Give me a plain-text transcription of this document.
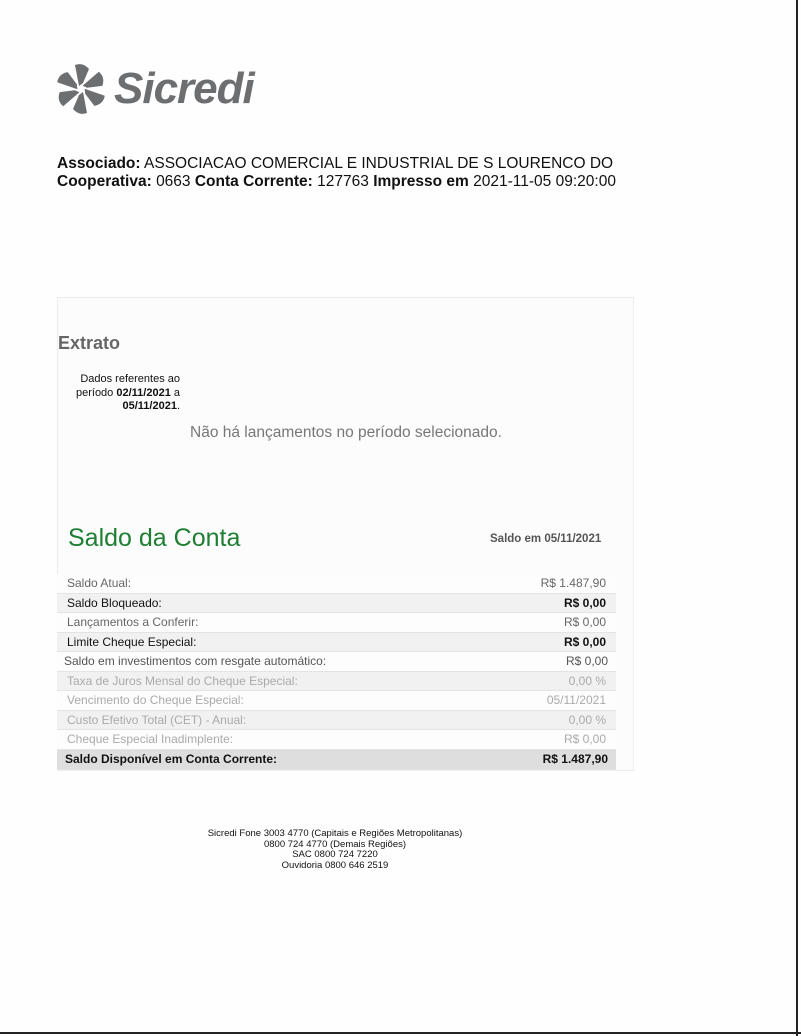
Sicredi
Associado: ASSOCIACAO COMERCIAL E INDUSTRIAL DE S LOURENCO DO
Cooperativa: 0663 Conta Corrente: 127763 Impresso em 2021-11-05 09:20:00
Extrato
Dados referentes ao período 02/11/2021 a 05/11/2021.
Não há lançamentos no período selecionado.
Saldo da Conta	Saldo em 05/11/2021
Saldo Atual:	R$ 1.487,90
Saldo Bloqueado:	R$ 0,00
Lançamentos a Conferir:	R$ 0,00
Limite Cheque Especial:	R$ 0,00
Saldo em investimentos com resgate automático:	R$ 0,00
Taxa de Juros Mensal do Cheque Especial:	0,00 %
Vencimento do Cheque Especial:	05/11/2021
Custo Efetivo Total (CET) - Anual:	0,00 %
Cheque Especial Inadimplente:	R$ 0,00
Saldo Disponível em Conta Corrente:	R$ 1.487,90
Sicredi Fone 3003 4770 (Capitais e Regiões Metropolitanas)
0800 724 4770 (Demais Regiões)
SAC 0800 724 7220
Ouvidoria 0800 646 2519
